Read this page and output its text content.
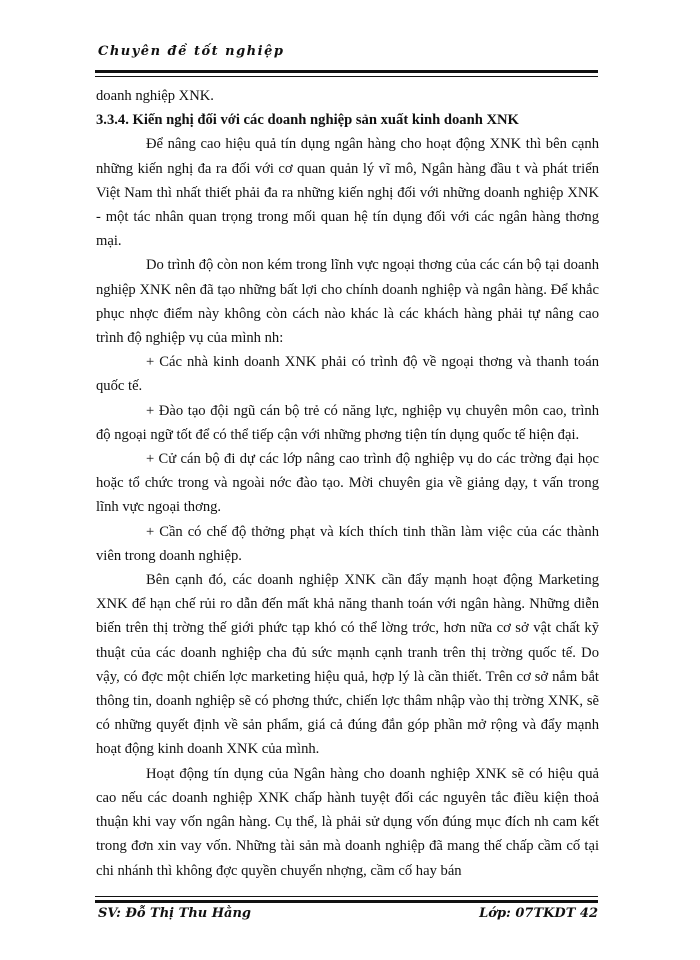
Chuyên đề tốt nghiệp

doanh nghiệp XNK.

3.3.4. Kiến nghị đối với các doanh nghiệp sản xuất kinh doanh XNK

Để nâng cao hiệu quả tín dụng ngân hàng cho hoạt động XNK thì bên cạnh những kiến nghị đa ra đối với cơ quan quản lý vĩ mô, Ngân hàng đầu t và phát triển Việt Nam thì nhất thiết phải đa ra những kiến nghị đối với những doanh nghiệp XNK - một tác nhân quan trọng trong mối quan hệ tín dụng đối với các ngân hàng thơng mại.

Do trình độ còn non kém trong lĩnh vực ngoại thơng của các cán bộ tại doanh nghiệp XNK nên đã tạo những bất lợi cho chính doanh nghiệp và ngân hàng. Để khắc phục nhợc điểm này không còn cách nào khác là các khách hàng phải tự nâng cao trình độ nghiệp vụ của mình nh:

+ Các nhà kinh doanh XNK phải có trình độ về ngoại thơng và thanh toán quốc tế.

+ Đào tạo đội ngũ cán bộ trẻ có năng lực, nghiệp vụ chuyên môn cao, trình độ ngoại ngữ tốt để có thể tiếp cận với những phơng tiện tín dụng quốc tế hiện đại.

+ Cử cán bộ đi dự các lớp nâng cao trình độ nghiệp vụ do các trờng đại học hoặc tổ chức trong và ngoài nớc đào tạo. Mời chuyên gia về giảng dạy, t vấn trong lĩnh vực ngoại thơng.

+ Cần có chế độ thởng phạt và kích thích tinh thần làm việc của các thành viên trong doanh nghiệp.

Bên cạnh đó, các doanh nghiệp XNK cần đẩy mạnh hoạt động Marketing XNK để hạn chế rủi ro dẫn đến mất khả năng thanh toán với ngân hàng. Những diễn biến trên thị trờng thế giới phức tạp khó có thể lờng trớc, hơn nữa cơ sở vật chất kỹ thuật của các doanh nghiệp cha đủ sức mạnh cạnh tranh trên thị trờng quốc tế. Do vậy, có đợc một chiến lợc marketing hiệu quả, hợp lý là cần thiết. Trên cơ sở nắm bắt thông tin, doanh nghiệp sẽ có phơng thức, chiến lợc thâm nhập vào thị trờng XNK, sẽ có những quyết định về sản phẩm, giá cả đúng đắn góp phần mở rộng và đẩy mạnh hoạt động kinh doanh XNK của mình.

Hoạt động tín dụng của Ngân hàng cho doanh nghiệp XNK sẽ có hiệu quả cao nếu các doanh nghiệp XNK chấp hành tuyệt đối các nguyên tắc điều kiện thoả thuận khi vay vốn ngân hàng. Cụ thể, là phải sử dụng vốn đúng mục đích nh cam kết trong đơn xin vay vốn. Những tài sản mà doanh nghiệp đã mang thế chấp cầm cố tại chi nhánh thì không đợc quyền chuyển nhợng, cầm cố hay bán

SV: Đỗ Thị Thu Hằng	Lớp: 07TKDT 42
